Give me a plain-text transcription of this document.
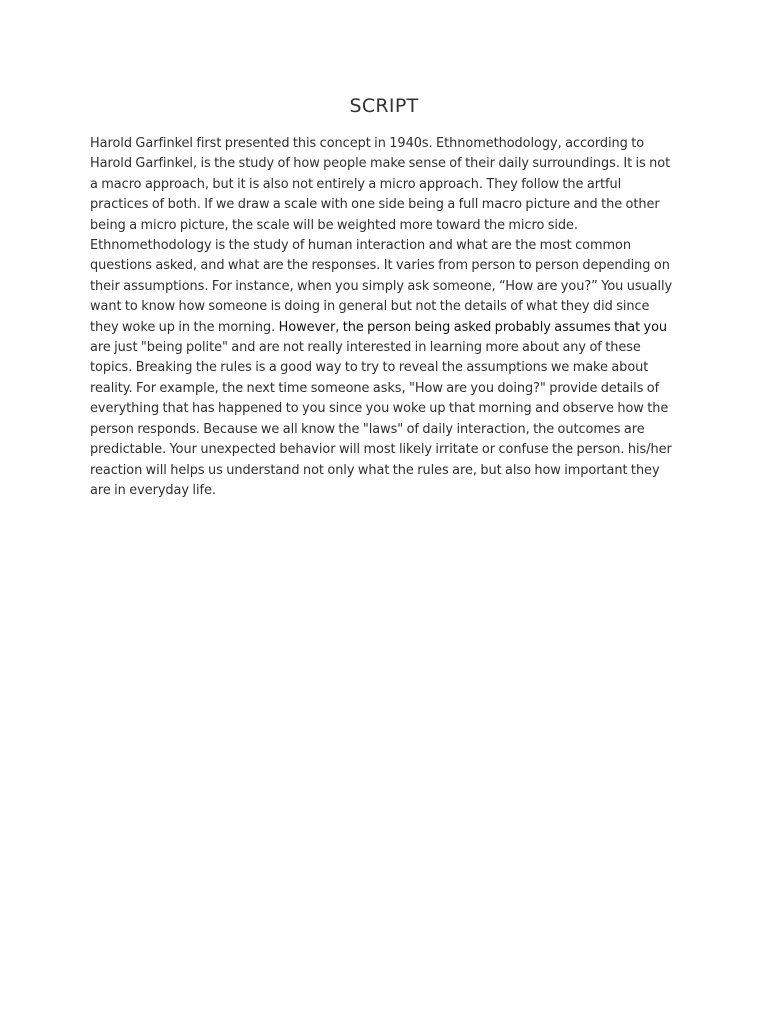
SCRIPT

Harold Garfinkel first presented this concept in 1940s. Ethnomethodology, according to Harold Garfinkel, is the study of how people make sense of their daily surroundings. It is not a macro approach, but it is also not entirely a micro approach. They follow the artful practices of both. If we draw a scale with one side being a full macro picture and the other being a micro picture, the scale will be weighted more toward the micro side. Ethnomethodology is the study of human interaction and what are the most common questions asked, and what are the responses. It varies from person to person depending on their assumptions. For instance, when you simply ask someone, “How are you?” You usually want to know how someone is doing in general but not the details of what they did since they woke up in the morning. However, the person being asked probably assumes that you are just "being polite" and are not really interested in learning more about any of these topics. Breaking the rules is a good way to try to reveal the assumptions we make about reality. For example, the next time someone asks, "How are you doing?" provide details of everything that has happened to you since you woke up that morning and observe how the person responds. Because we all know the "laws" of daily interaction, the outcomes are predictable. Your unexpected behavior will most likely irritate or confuse the person. his/her reaction will helps us understand not only what the rules are, but also how important they are in everyday life.
